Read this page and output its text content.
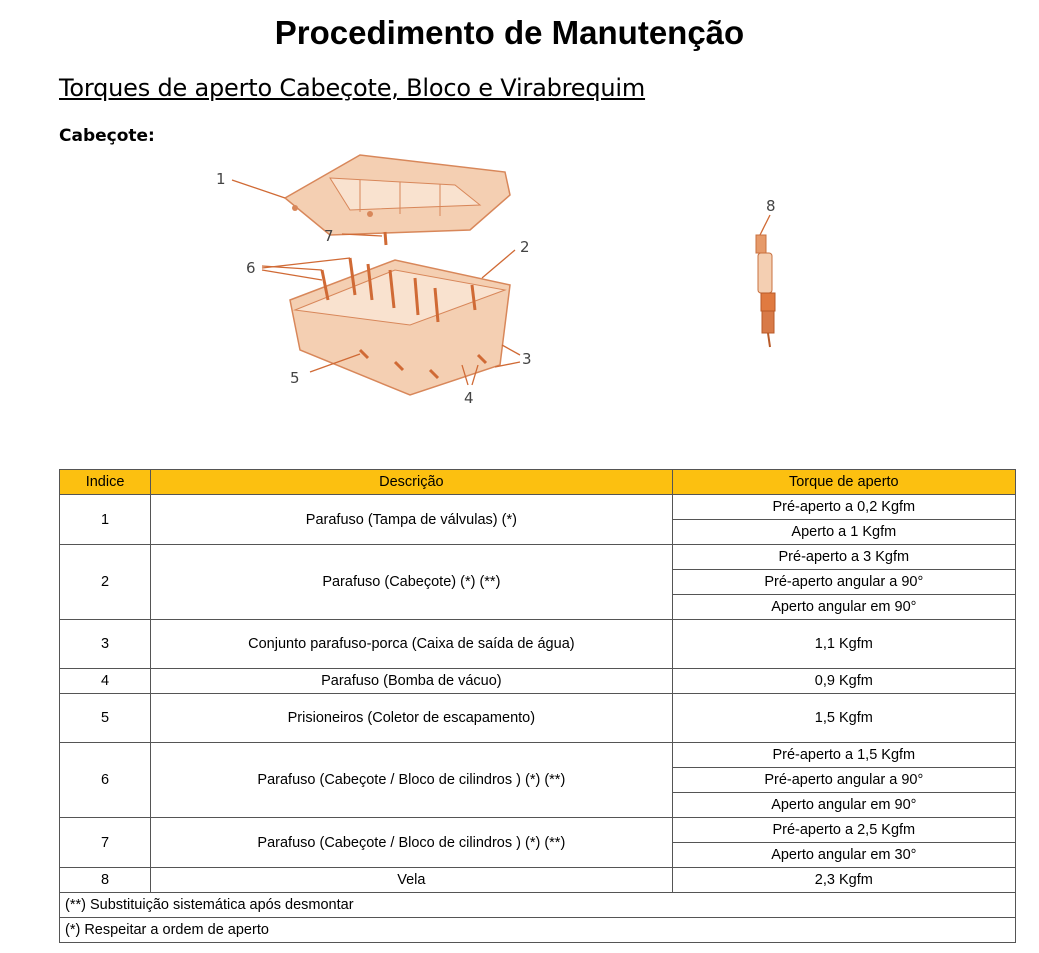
Procedimento de Manutenção
Torques de aperto Cabeçote, Bloco e Virabrequim
Cabeçote:
1
2
3
4
5
6
7
8
Indice	Descrição	Torque de aperto
1	Parafuso (Tampa de válvulas) (*)	Pré-aperto a 0,2 Kgfm
		Aperto a 1 Kgfm
2	Parafuso (Cabeçote) (*) (**)	Pré-aperto a 3 Kgfm
		Pré-aperto angular a 90°
		Aperto angular em 90°
3	Conjunto parafuso-porca (Caixa de saída de água)	1,1 Kgfm
4	Parafuso (Bomba de vácuo)	0,9 Kgfm
5	Prisioneiros (Coletor de escapamento)	1,5 Kgfm
6	Parafuso (Cabeçote / Bloco de cilindros ) (*) (**)	Pré-aperto a 1,5 Kgfm
		Pré-aperto angular a 90°
		Aperto angular em 90°
7	Parafuso (Cabeçote / Bloco de cilindros ) (*) (**)	Pré-aperto a 2,5 Kgfm
		Aperto angular em 30°
8	Vela	2,3 Kgfm
(**) Substituição sistemática após desmontar		
(*) Respeitar a ordem de aperto		
